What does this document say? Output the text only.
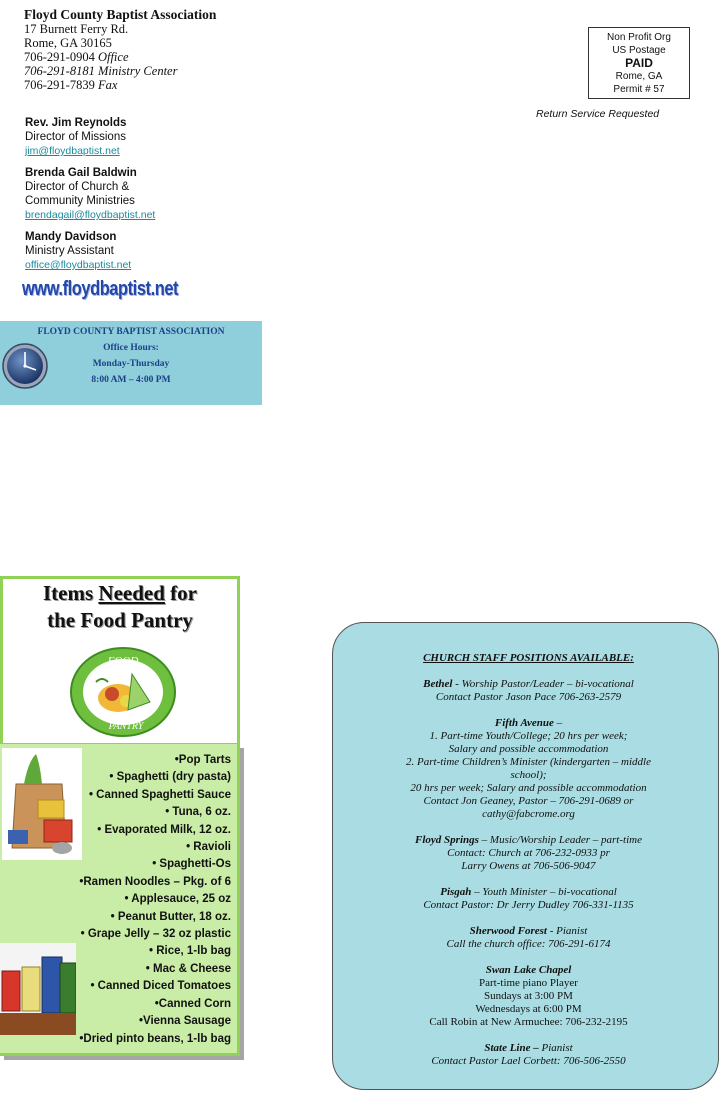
Floyd County Baptist Association
17 Burnett Ferry Rd.
Rome, GA 30165
706-291-0904 Office
706-291-8181 Ministry Center
706-291-7839 Fax
Non Profit Org
US Postage
PAID
Rome, GA
Permit # 57
Return Service Requested
Rev. Jim Reynolds
Director of Missions
jim@floydbaptist.net
Brenda Gail Baldwin
Director of Church &
Community Ministries
brendagail@floydbaptist.net
Mandy Davidson
Ministry Assistant
office@floydbaptist.net
www.floydbaptist.net
FLOYD COUNTY BAPTIST ASSOCIATION
Office Hours:
Monday-Thursday
8:00 AM – 4:00 PM
Items Needed for
the Food Pantry
FOOD
PANTRY
•Pop Tarts
• Spaghetti (dry pasta)
• Canned Spaghetti Sauce
• Tuna, 6 oz.
• Evaporated Milk, 12 oz.
• Ravioli
• Spaghetti-Os
•Ramen Noodles – Pkg. of 6
• Applesauce, 25 oz
• Peanut Butter, 18 oz.
• Grape Jelly – 32 oz plastic
• Rice, 1-lb bag
• Mac & Cheese
• Canned Diced Tomatoes
•Canned Corn
•Vienna Sausage
•Dried pinto beans, 1-lb bag
CHURCH STAFF POSITIONS AVAILABLE:
Bethel - Worship Pastor/Leader – bi-vocational
Contact Pastor Jason Pace 706-263-2579
Fifth Avenue –
1. Part-time Youth/College; 20 hrs per week;
Salary and possible accommodation
2. Part-time Children’s Minister (kindergarten – middle
school);
20 hrs per week; Salary and possible accommodation
Contact Jon Geaney, Pastor – 706-291-0689 or
cathy@fabcrome.org
Floyd Springs – Music/Worship Leader – part-time
Contact: Church at 706-232-0933 pr
Larry Owens at 706-506-9047
Pisgah – Youth Minister – bi-vocational
Contact Pastor: Dr Jerry Dudley 706-331-1135
Sherwood Forest - Pianist
Call the church office: 706-291-6174
Swan Lake Chapel
Part-time piano Player
Sundays at 3:00 PM
Wednesdays at 6:00 PM
Call Robin at New Armuchee: 706-232-2195
State Line – Pianist
Contact Pastor Lael Corbett: 706-506-2550
